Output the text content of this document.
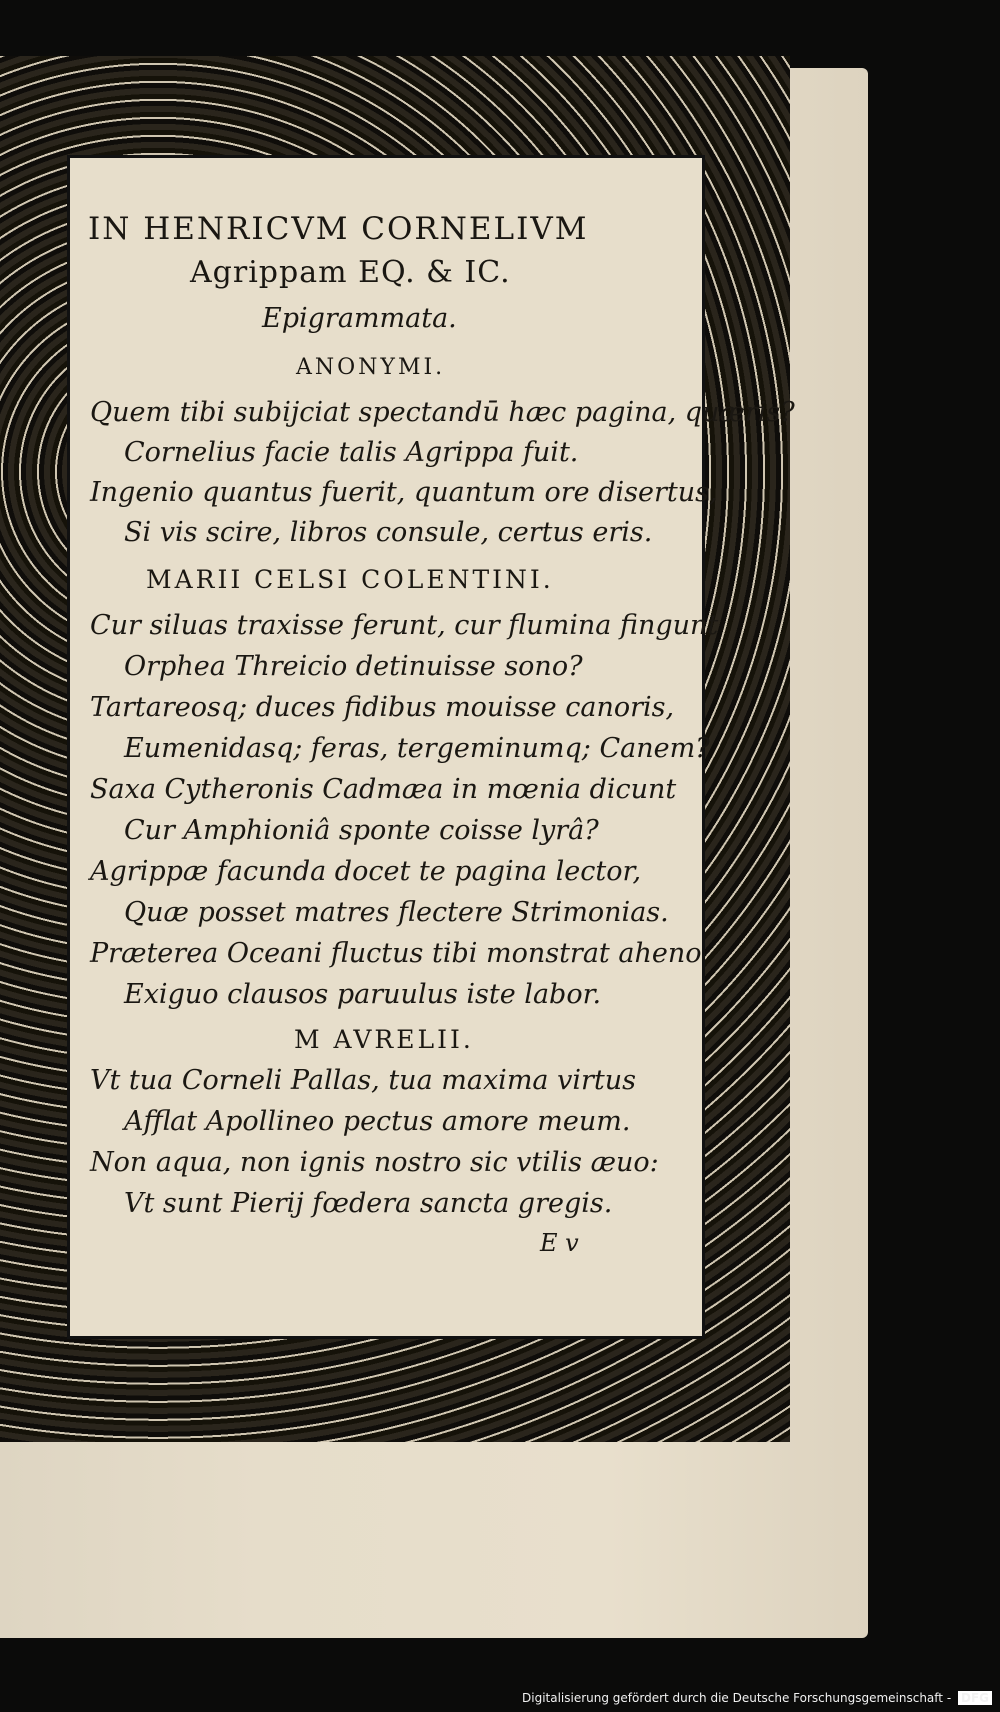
IN HENRICVM CORNELIVM
Agrippam EQ. & IC.
Epigrammata.
ANONYMI.
Quem tibi subijciat spectandū hæc pagina, quæris?
Cornelius facie talis Agrippa fuit.
Ingenio quantus fuerit, quantum ore disertus,
Si vis scire, libros consule, certus eris.
MARII CELSI COLENTINI.
Cur siluas traxisse ferunt, cur flumina fingunt
Orphea Threicio detinuisse sono?
Tartareosq; duces fidibus mouisse canoris,
Eumenidasq; feras, tergeminumq; Canem?
Saxa Cytheronis Cadmæa in mœnia dicunt
Cur Amphioniâ sponte coisse lyrâ?
Agrippæ facunda docet te pagina lector,
Quæ posset matres flectere Strimonias.
Præterea Oceani fluctus tibi monstrat aheno
Exiguo clausos paruulus iste labor.
M AVRELII.
Vt tua Corneli Pallas, tua maxima virtus
Afflat Apollineo pectus amore meum.
Non aqua, non ignis nostro sic vtilis æuo:
Vt sunt Pierij fœdera sancta gregis.
E v
Digitalisierung gefördert durch die Deutsche Forschungsgemeinschaft - DFG
